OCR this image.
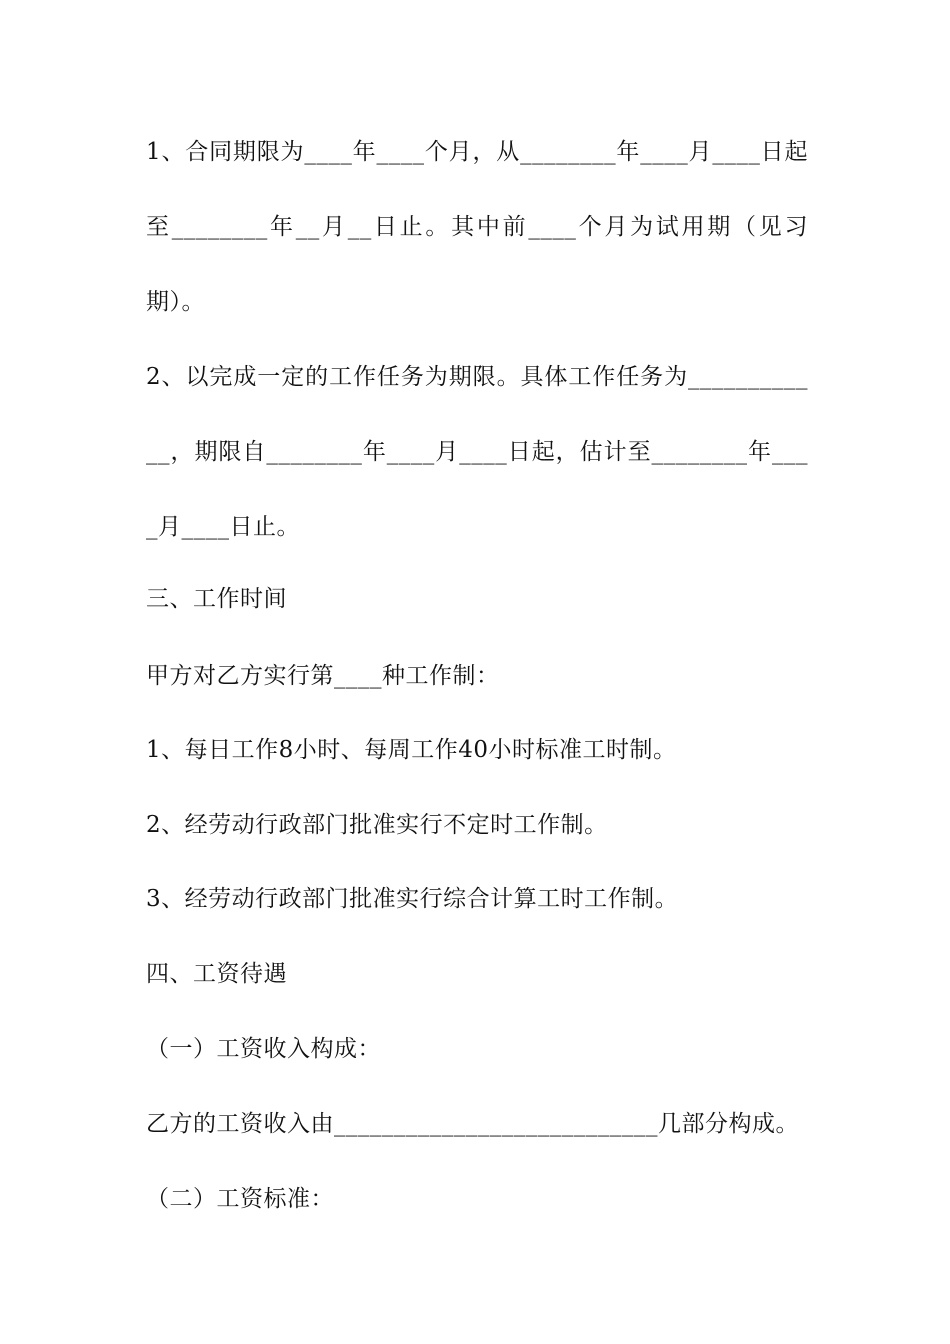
1、合同期限为____年____个月，从________年____月____日起
至________年__月__日止。其中前____个月为试用期（见习
期）。
2、以完成一定的工作任务为期限。具体工作任务为__________
__，期限自________年____月____日起，估计至________年___
_月____日止。
三、工作时间
甲方对乙方实行第____种工作制：
1、每日工作8小时、每周工作40小时标准工时制。
2、经劳动行政部门批准实行不定时工作制。
3、经劳动行政部门批准实行综合计算工时工作制。
四、工资待遇
（一）工资收入构成：
乙方的工资收入由___________________________几部分构成。
（二）工资标准：
